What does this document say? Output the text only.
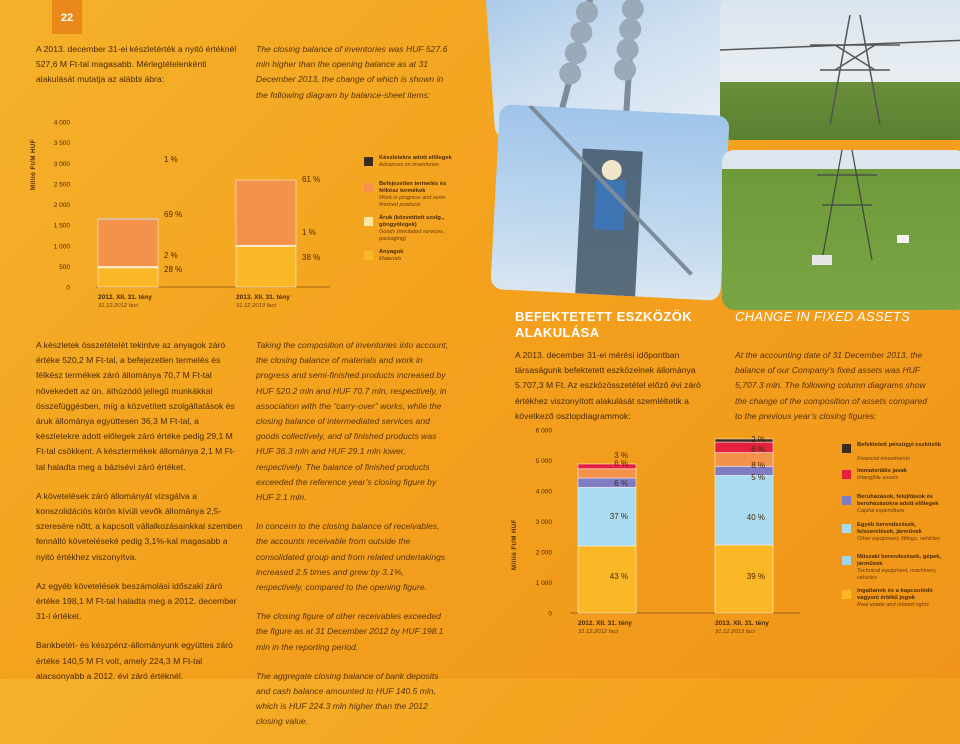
22
A 2013. december 31-ei készletérték a nyitó értéknél 527,6 M Ft-tal magasabb. Mérlegtételenkénti alakulását mutatja az alábbi ábra:
The closing balance of inventories was HUF 527.6 mln higher than the opening balance as at 31 December 2013, the change of which is shown in the following diagram by balance-sheet items:
Millió Ft/M HUF
0
500
1 000
1 500
2 000
2 500
3 000
3 500
4 000
28 %
2 %
69 %
1 %
2012. XII. 31. tény
31.12.2012 fact
38 %
1 %
61 %
2013. XII. 31. tény
31.12.2013 fact
Készletekre adott előlegek
Advances on inventories
Befejezetlen termelés és félkész termékek
Work in progress and semi-finished products
Áruk (közvetített szolg., göngyölegek)
Goods (mediated services, packaging)
Anyagok
Materials

A készletek összetételét tekintve az anyagok záró értéke 520,2 M Ft-tal, a befejezetlen termelés és félkész termékek záró állománya 70,7 M Ft-tal növekedett az ún. áthúzódó jellegű munkákkal összefüggésben, míg a közvetített szolgáltatások és áruk állománya együttesen 36,3 M Ft-tal, a készletekre adott előlegek záró értéke pedig 29,1 M Ft-tal csökkent. A késztermékek állománya 2,1 M Ft-tal haladta meg a bázisévi záró értéket.

A követelések záró állományát vizsgálva a konszolidációs körön kívüli vevők állománya 2,5-szeresére nőtt, a kapcsolt vállalkozásainkkal szemben fennálló követeléseké pedig 3,1%-kal magasabb a nyitó értékhez viszonyítva.

Az egyéb követelések beszámolási időszaki záró értéke 198,1 M Ft-tal haladta meg a 2012. december 31-i értéket.

Bankbetét- és készpénz-állományunk együttes záró értéke 140,5 M Ft volt, amely 224,3 M Ft-tal alacsonyabb a 2012. évi záró értéknél.

Taking the composition of inventories into account, the closing balance of materials and work in progress and semi-finished products increased by HUF 520.2 mln and HUF 70.7 mln, respectively, in association with the “carry-over” works, while the closing balance of intermediated services and goods collectively, and of finished products was HUF 36.3 mln and HUF 29.1 mln lower, respectively. The balance of finished products exceeded the reference year’s closing figure by HUF 2.1 mln.

In concern to the closing balance of receivables, the accounts receivable from outside the consolidated group and from related undertakings increased 2.5 times and grew by 3.1%, respectively, compared to the opening figure.

The closing figure of other receivables exceeded the figure as at 31 December 2012 by HUF 198.1 mln in the reporting period.

The aggregate closing balance of bank deposits and cash balance amounted to HUF 140.5 mln, which is HUF 224.3 mln higher than the 2012 closing value.

BEFEKTETETT ESZKÖZÖK ALAKULÁSA
CHANGE IN FIXED ASSETS
A 2013. december 31-ei mérési időpontban társaságunk befektetett eszközeinek állománya 5.707,3 M Ft. Az eszközösszetétel előző évi záró értékhez viszonyított alakulását szemléltetik a következő oszlopdiagrammok:
At the accounting date of 31 December 2013, the balance of our Company’s fixed assets was HUF 5,707.3 mln. The following column diagrams show the change of the composition of assets compared to the previous year’s closing figures:
Millió Ft/M HUF
0
1 000
2 000
3 000
4 000
5 000
6 000
43 %
37 %
6 %
6 %
3 %
2012. XII. 31. tény
31.12.2012 fact
39 %
40 %
5 %
8 %
6 %
2 %
2013. XII. 31. tény
31.12.2013 fact
Befektetett pénzügyi eszközök
Financial investments
Immateriális javak
Intangible assets
Beruházások, felújítások és beruházásokra adott előlegek
Capital expenditure
Egyéb berendezések, felszerelések, járművek
Other equipment, fittings, vehicles
Műszaki berendezések, gépek, járművek
Technical equipment, machinery, vehicles
Ingatlanok és a kapcsolódó vagyoni értékű jogok
Real estate and related rights
